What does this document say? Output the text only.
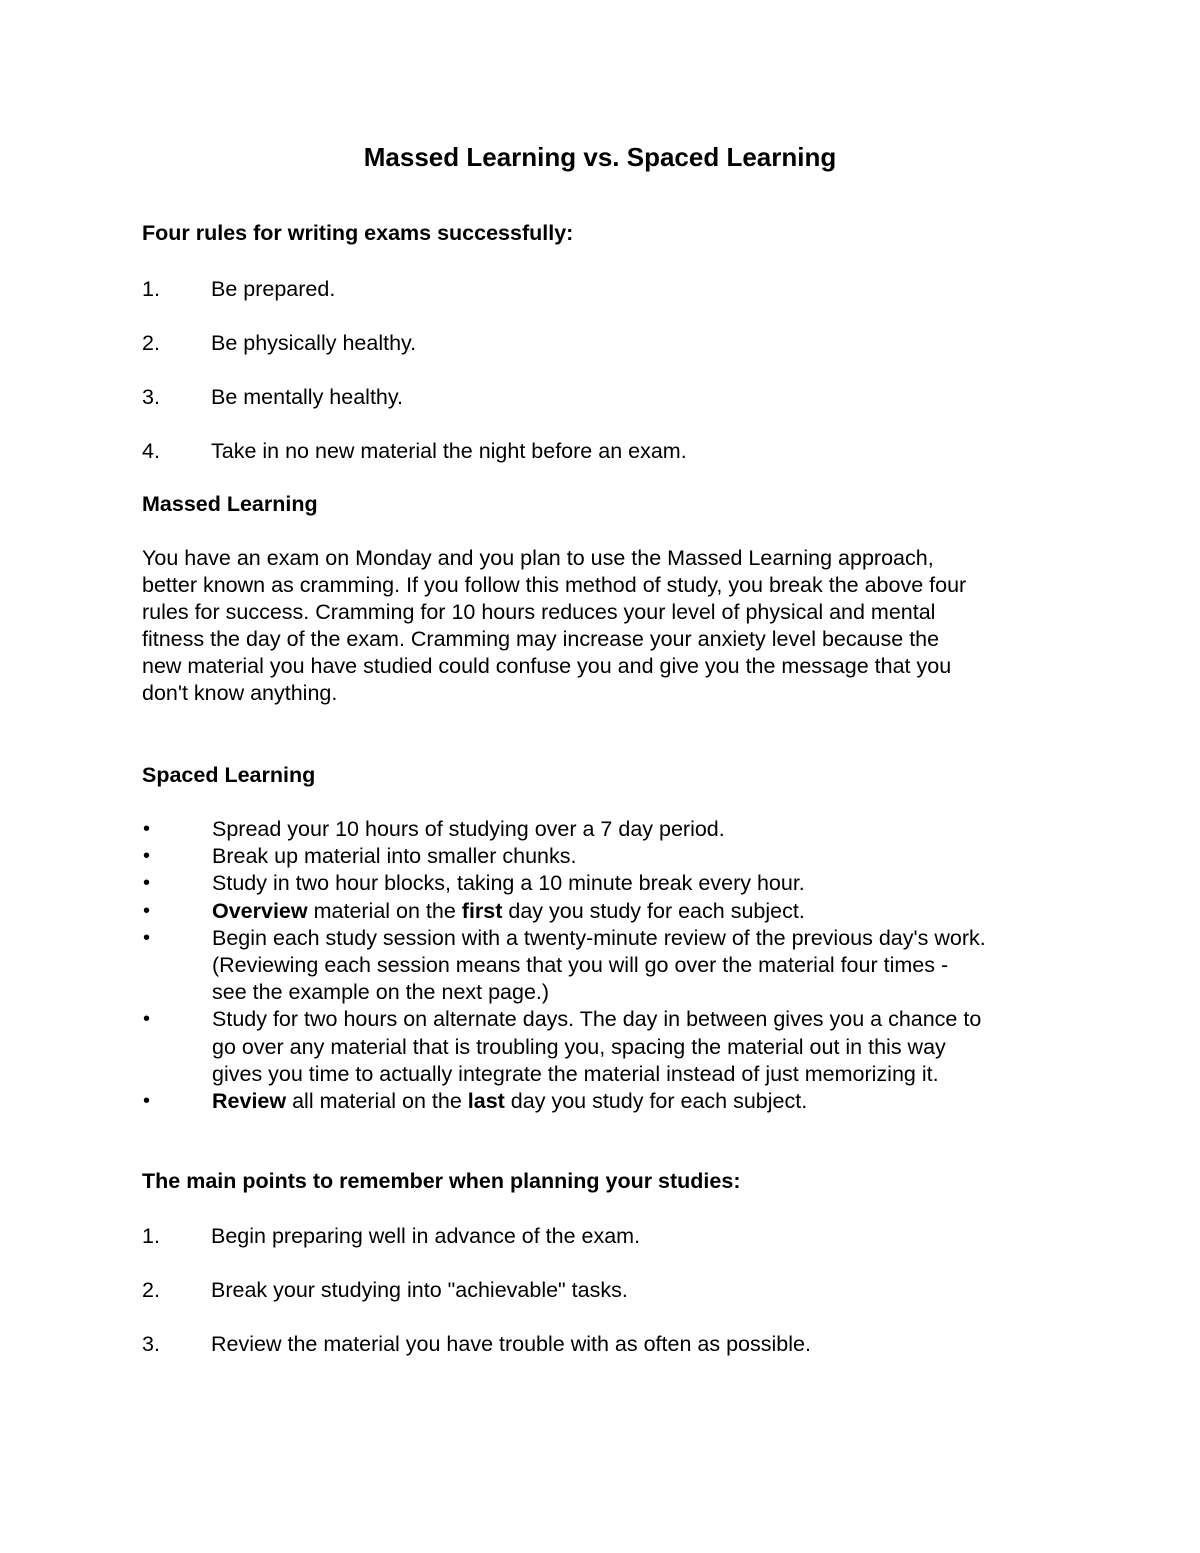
Massed Learning vs. Spaced Learning
Four rules for writing exams successfully:
1.	Be prepared.
2.	Be physically healthy.
3.	Be mentally healthy.
4.	Take in no new material the night before an exam.
Massed Learning
You have an exam on Monday and you plan to use the Massed Learning approach,
better known as cramming. If you follow this method of study, you break the above four
rules for success. Cramming for 10 hours reduces your level of physical and mental
fitness the day of the exam. Cramming may increase your anxiety level because the
new material you have studied could confuse you and give you the message that you
don't know anything.
Spaced Learning
•	Spread your 10 hours of studying over a 7 day period.
•	Break up material into smaller chunks.
•	Study in two hour blocks, taking a 10 minute break every hour.
•	Overview material on the first day you study for each subject.
•	Begin each study session with a twenty-minute review of the previous day's work.
(Reviewing each session means that you will go over the material four times -
see the example on the next page.)
•	Study for two hours on alternate days. The day in between gives you a chance to
go over any material that is troubling you, spacing the material out in this way
gives you time to actually integrate the material instead of just memorizing it.
•	Review all material on the last day you study for each subject.
The main points to remember when planning your studies:
1.	Begin preparing well in advance of the exam.
2.	Break your studying into "achievable" tasks.
3.	Review the material you have trouble with as often as possible.
